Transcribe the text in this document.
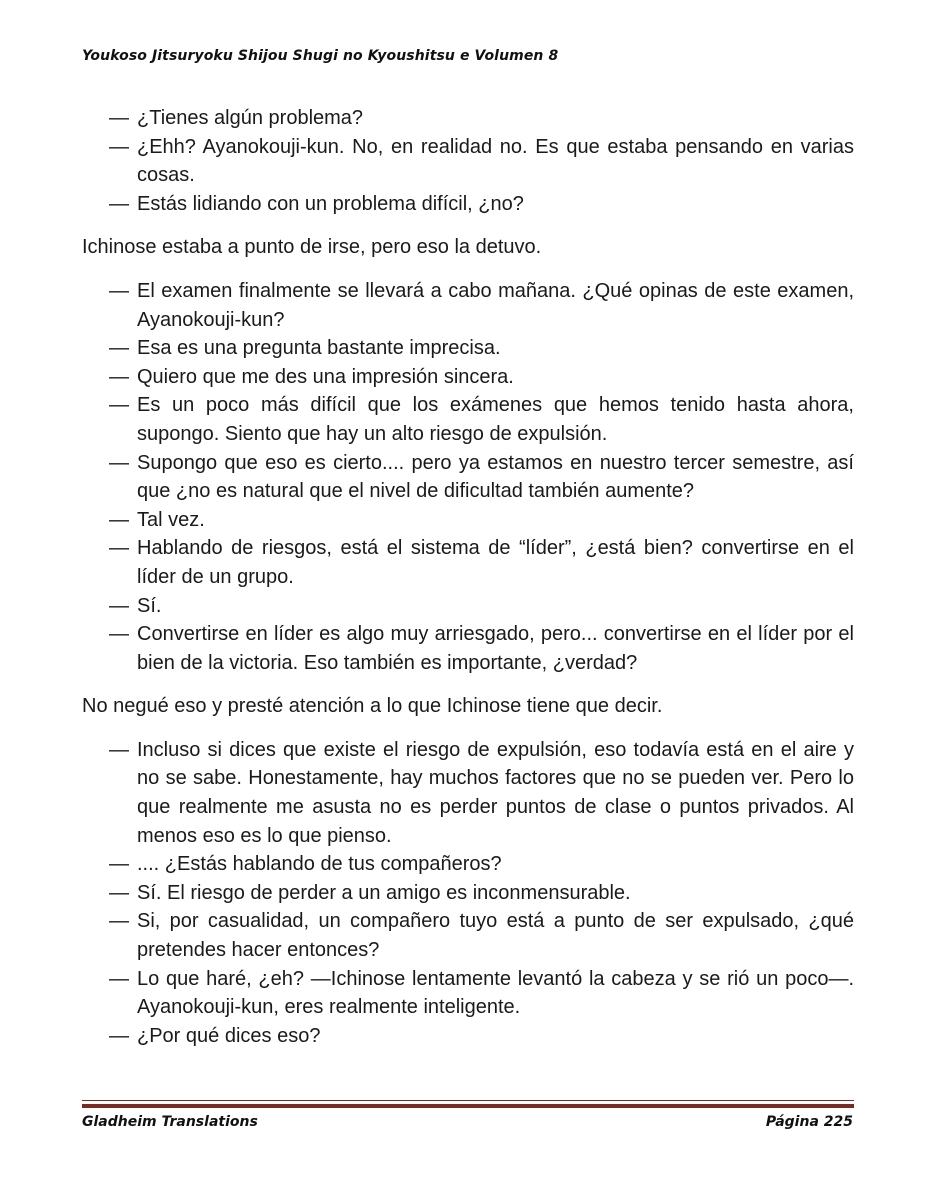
Youkoso Jitsuryoku Shijou Shugi no Kyoushitsu e Volumen 8
— ¿Tienes algún problema?
— ¿Ehh? Ayanokouji-kun. No, en realidad no. Es que estaba pensando en varias cosas.
— Estás lidiando con un problema difícil, ¿no?

Ichinose estaba a punto de irse, pero eso la detuvo.

— El examen finalmente se llevará a cabo mañana. ¿Qué opinas de este examen, Ayanokouji-kun?
— Esa es una pregunta bastante imprecisa.
— Quiero que me des una impresión sincera.
— Es un poco más difícil que los exámenes que hemos tenido hasta ahora, supongo. Siento que hay un alto riesgo de expulsión.
— Supongo que eso es cierto.... pero ya estamos en nuestro tercer semestre, así que ¿no es natural que el nivel de dificultad también aumente?
— Tal vez.
— Hablando de riesgos, está el sistema de “líder”, ¿está bien? convertirse en el líder de un grupo.
— Sí.
— Convertirse en líder es algo muy arriesgado, pero... convertirse en el líder por el bien de la victoria. Eso también es importante, ¿verdad?

No negué eso y presté atención a lo que Ichinose tiene que decir.

— Incluso si dices que existe el riesgo de expulsión, eso todavía está en el aire y no se sabe. Honestamente, hay muchos factores que no se pueden ver. Pero lo que realmente me asusta no es perder puntos de clase o puntos privados. Al menos eso es lo que pienso.
— .... ¿Estás hablando de tus compañeros?
— Sí. El riesgo de perder a un amigo es inconmensurable.
— Si, por casualidad, un compañero tuyo está a punto de ser expulsado, ¿qué pretendes hacer entonces?
— Lo que haré, ¿eh? —Ichinose lentamente levantó la cabeza y se rió un poco—. Ayanokouji-kun, eres realmente inteligente.
— ¿Por qué dices eso?
Gladheim Translations	Página 225
